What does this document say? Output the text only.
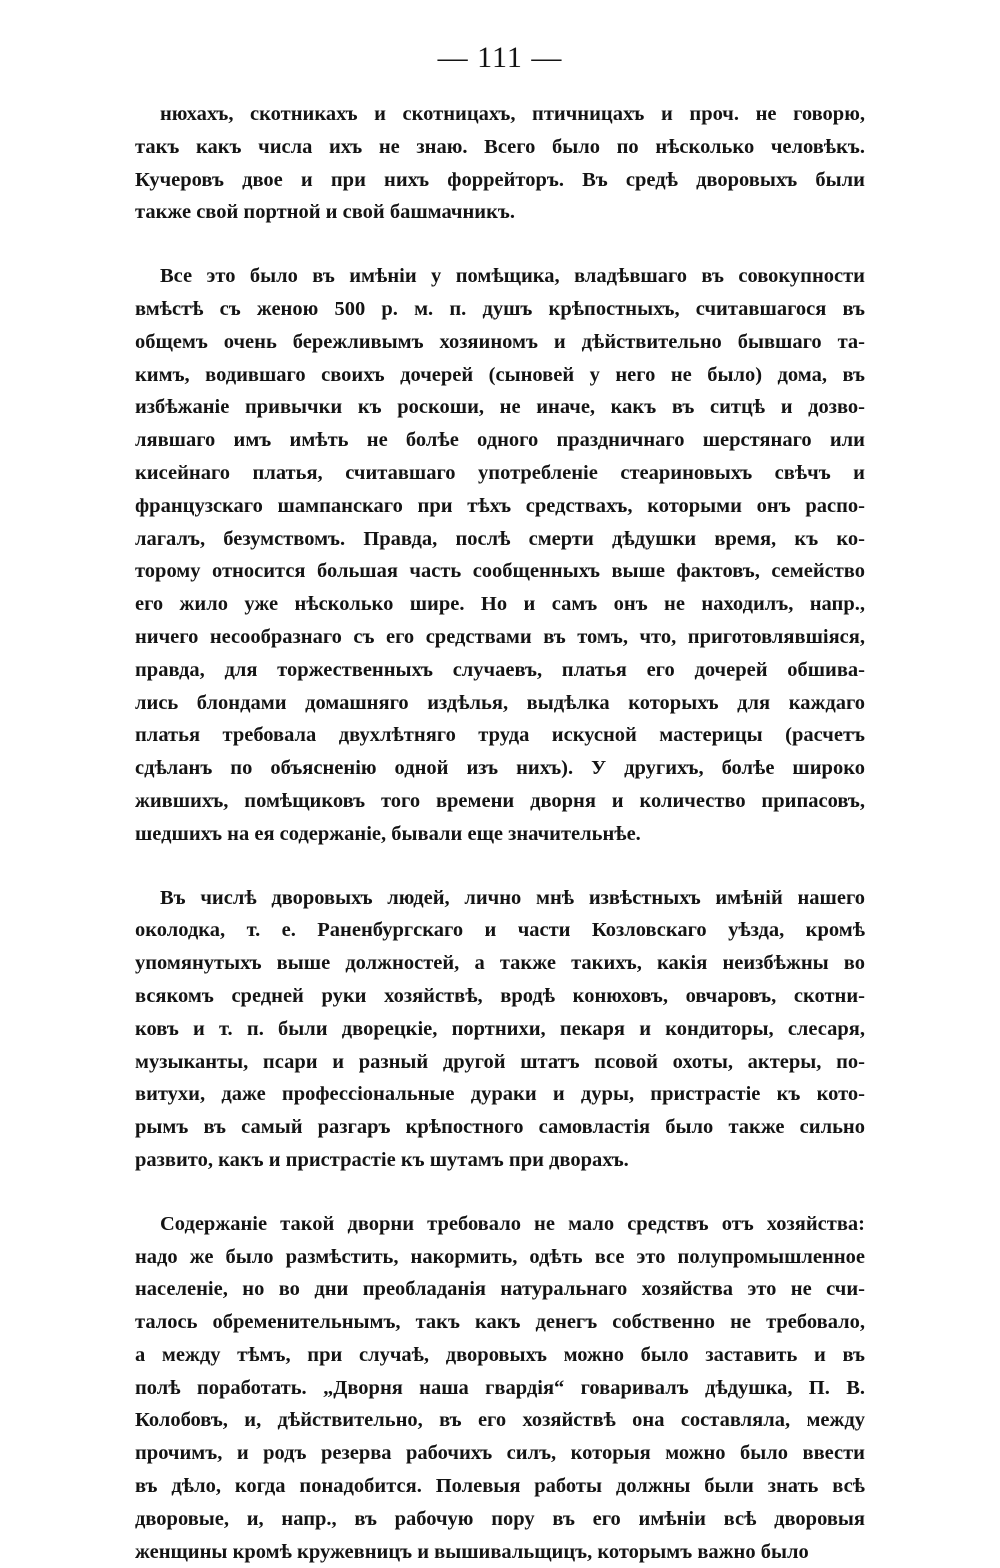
— 111 —
нюхахъ, скотникахъ и скотницахъ, птичницахъ и проч. не говорю,
такъ какъ числа ихъ не знаю. Всего было по нѣсколько человѣкъ.
Кучеровъ двое и при нихъ форрейторъ. Въ средѣ дворовыхъ были
также свой портной и свой башмачникъ.
Все это было въ имѣніи у помѣщика, владѣвшаго въ совокупности
вмѣстѣ съ женою 500 р. м. п. душъ крѣпостныхъ, считавшагося въ
общемъ очень бережливымъ хозяиномъ и дѣйствительно бывшаго та-
кимъ, водившаго своихъ дочерей (сыновей у него не было) дома, въ
избѣжаніе привычки къ роскоши, не иначе, какъ въ ситцѣ и дозво-
лявшаго имъ имѣть не болѣе одного праздничнаго шерстянаго или
кисейнаго платья, считавшаго употребленіе стеариновыхъ свѣчъ и
французскаго шампанскаго при тѣхъ средствахъ, которыми онъ распо-
лагалъ, безумствомъ. Правда, послѣ смерти дѣдушки время, къ ко-
торому относится большая часть сообщенныхъ выше фактовъ, семейство
его жило уже нѣсколько шире. Но и самъ онъ не находилъ, напр.,
ничего несообразнаго съ его средствами въ томъ, что, приготовлявшіяся,
правда, для торжественныхъ случаевъ, платья его дочерей обшива-
лись блондами домашняго издѣлья, выдѣлка которыхъ для каждаго
платья требовала двухлѣтняго труда искусной мастерицы (расчетъ
сдѣланъ по объясненію одной изъ нихъ). У другихъ, болѣе широко
жившихъ, помѣщиковъ того времени дворня и количество припасовъ,
шедшихъ на ея содержаніе, бывали еще значительнѣе.
Въ числѣ дворовыхъ людей, лично мнѣ извѣстныхъ имѣній нашего
околодка, т. е. Раненбургскаго и части Козловскаго уѣзда, кромѣ
упомянутыхъ выше должностей, а также такихъ, какія неизбѣжны во
всякомъ средней руки хозяйствѣ, вродѣ конюховъ, овчаровъ, скотни-
ковъ и т. п. были дворецкіе, портнихи, пекаря и кондиторы, слесаря,
музыканты, псари и разный другой штатъ псовой охоты, актеры, по-
витухи, даже профессіональные дураки и дуры, пристрастіе къ кото-
рымъ въ самый разгаръ крѣпостного самовластія было также сильно
развито, какъ и пристрастіе къ шутамъ при дворахъ.
Содержаніе такой дворни требовало не мало средствъ отъ хозяйства:
надо же было размѣстить, накормить, одѣть все это полупромышленное
населеніе, но во дни преобладанія натуральнаго хозяйства это не счи-
талось обременительнымъ, такъ какъ денегъ собственно не требовало,
а между тѣмъ, при случаѣ, дворовыхъ можно было заставить и въ
полѣ поработать. „Дворня наша гвардія“ говаривалъ дѣдушка, П. В.
Колобовъ, и, дѣйствительно, въ его хозяйствѣ она составляла, между
прочимъ, и родъ резерва рабочихъ силъ, которыя можно было ввести
въ дѣло, когда понадобится. Полевыя работы должны были знать всѣ
дворовые, и, напр., въ рабочую пору въ его имѣніи всѣ дворовыя
женщины кромѣ кружевницъ и вышивальщицъ, которымъ важно было
